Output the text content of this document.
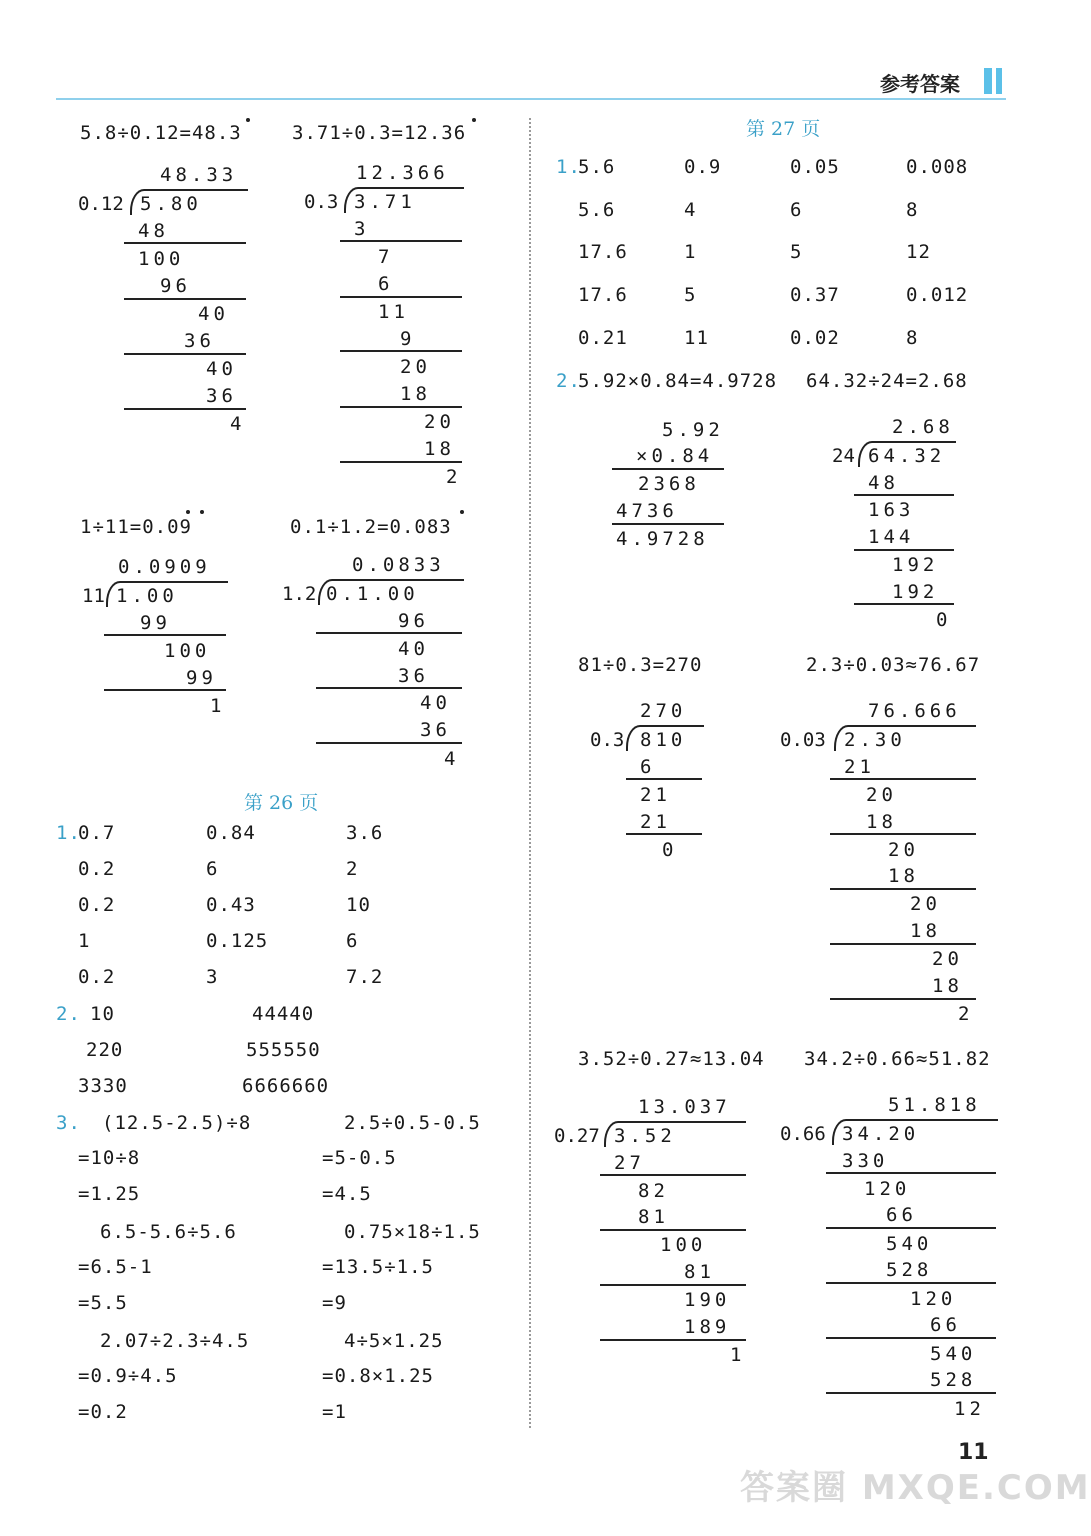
参考答案
5.8÷0.12=48.3	3.71÷0.3=12.36
48.33
0.12 5.80
48
100
96
40
36
40
36
4
12.366
0.3 3.71
3
7
6
11
9
20
18
20
18
2
1÷11=0.09	0.1÷1.2=0.083
0.0909
11 1.00
99
100
99
1
0.0833
1.2 0.1.00
96
40
36
40
36
4
第 26 页
1.
0.7	0.84	3.6
0.2	6	2
0.2	0.43	10
1	0.125	6
0.2	3	7.2
2. 10	44440
220	555550
3330	6666660
3. (12.5-2.5)÷8	2.5÷0.5-0.5
=10÷8	=5-0.5
=1.25	=4.5
6.5-5.6÷5.6	0.75×18÷1.5
=6.5-1	=13.5÷1.5
=5.5	=9
2.07÷2.3÷4.5	4÷5×1.25
=0.9÷4.5	=0.8×1.25
=0.2	=1
第 27 页
1.
5.6	0.9	0.05	0.008
5.6	4	6	8
17.6	1	5	12
17.6	5	0.37	0.012
0.21	11	0.02	8
2.
5.92×0.84=4.9728 64.32÷24=2.68
5.92
×0.84
2368
4736
4.9728
2.68
24 64.32
48
163
144
192
192
0
81÷0.3=270	2.3÷0.03≈76.67
270
0.3 810
6
21
21
0
76.666
0.03 2.30
21
20
18
20
18
20
18
20
18
2
3.52÷0.27≈13.04 34.2÷0.66≈51.82
13.037
0.27 3.52
27
82
81
100
81
190
189
1
51.818
0.66 34.20
330
120
66
540
528
120
66
540
528
12
答案圈 MXQE.COM
11
